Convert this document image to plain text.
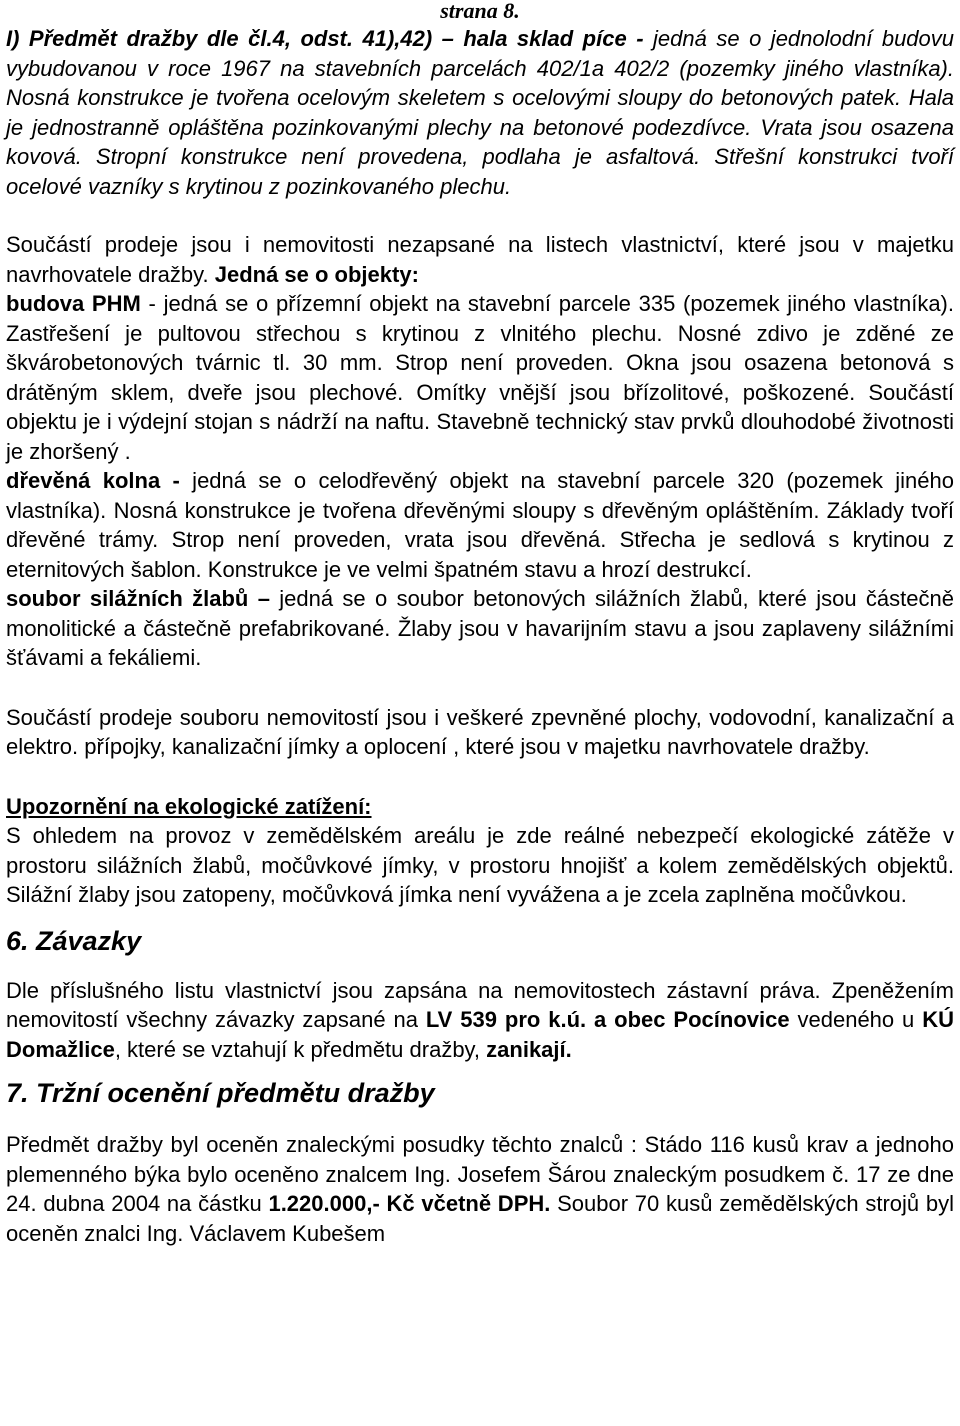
strana 8.

I) Předmět dražby dle čl.4, odst. 41),42) – hala sklad píce - jedná se o jednolodní budovu vybudovanou v roce 1967 na stavebních parcelách 402/1a 402/2 (pozemky jiného vlastníka). Nosná konstrukce je tvořena ocelovým skeletem s ocelovými sloupy do betonových patek. Hala je jednostranně opláštěna pozinkovanými plechy na betonové podezdívce. Vrata jsou osazena kovová. Stropní konstrukce není provedena, podlaha je asfaltová. Střešní konstrukci tvoří ocelové vazníky s krytinou z pozinkovaného plechu.

Součástí prodeje jsou i nemovitosti nezapsané na listech vlastnictví, které jsou v majetku navrhovatele dražby. Jedná se o objekty:

budova PHM - jedná se o přízemní objekt na stavební parcele 335 (pozemek jiného vlastníka). Zastřešení je pultovou střechou s krytinou z vlnitého plechu. Nosné zdivo je zděné ze škvárobetonových tvárnic tl. 30 mm. Strop není proveden. Okna jsou osazena betonová s drátěným sklem, dveře jsou plechové. Omítky vnější jsou břízolitové, poškozené. Součástí objektu je i výdejní stojan s nádrží na naftu. Stavebně technický stav prvků dlouhodobé životnosti je zhoršený .

dřevěná kolna - jedná se o celodřevěný objekt na stavební parcele 320 (pozemek jiného vlastníka). Nosná konstrukce je tvořena dřevěnými sloupy s dřevěným opláštěním. Základy tvoří dřevěné trámy. Strop není proveden, vrata jsou dřevěná. Střecha je sedlová s krytinou z eternitových šablon. Konstrukce je ve velmi špatném stavu a hrozí destrukcí.

soubor silážních žlabů – jedná se o soubor betonových silážních žlabů, které jsou částečně monolitické a částečně prefabrikované. Žlaby jsou v havarijním stavu a jsou zaplaveny silážními šťávami a fekáliemi.

Součástí prodeje souboru nemovitostí jsou i veškeré zpevněné plochy, vodovodní, kanalizační a elektro. přípojky, kanalizační jímky a oplocení , které jsou v majetku navrhovatele dražby.

Upozornění na ekologické zatížení:

S ohledem na provoz v zemědělském areálu je zde reálné nebezpečí ekologické zátěže v prostoru silážních žlabů, močůvkové jímky, v prostoru hnojišť a kolem zemědělských objektů. Silážní žlaby jsou zatopeny, močůvková jímka není vyvážena a je zcela zaplněna močůvkou.

6. Závazky

Dle příslušného listu vlastnictví jsou zapsána na nemovitostech zástavní práva. Zpeněžením nemovitostí všechny závazky zapsané na LV 539 pro k.ú. a obec Pocínovice vedeného u KÚ Domažlice, které se vztahují k předmětu dražby, zanikají.

7. Tržní ocenění předmětu dražby

Předmět dražby byl oceněn znaleckými posudky těchto znalců : Stádo 116 kusů krav a jednoho plemenného býka bylo oceněno znalcem Ing. Josefem Šárou znaleckým posudkem č. 17 ze dne 24. dubna 2004 na částku 1.220.000,- Kč včetně DPH. Soubor 70 kusů zemědělských strojů byl oceněn znalci Ing. Václavem Kubešem
